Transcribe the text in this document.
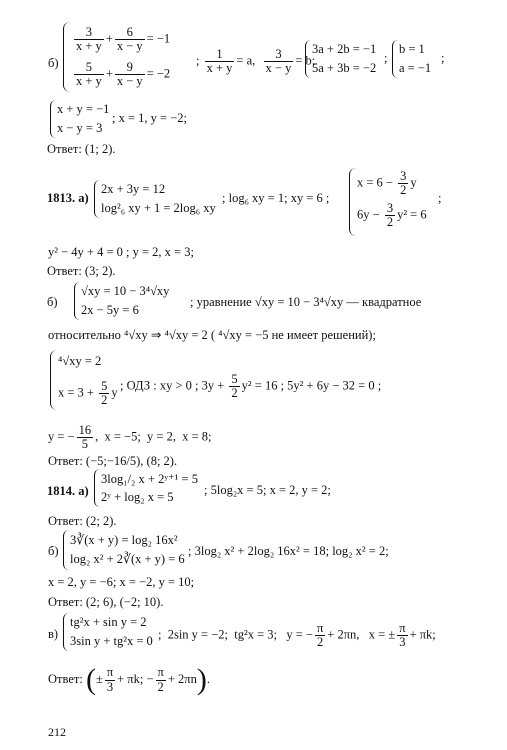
б)
$\frac{3}{x + y} + \frac{6}{x - y} = -1$
$\frac{5}{x + y} + \frac{9}{x - y} = -2$
; $\frac{1}{x + y} = a$, $\frac{3}{x - y} = b$;
3a + 2b = −1
5a + 3b = −2
;
b = 1
a = −1
;
x + y = −1
x − y = 3
; x = 1, y = −2;
Ответ: (1; 2).
1813. а)
2x + 3y = 12
log²₆ xy + 1 = 2log₆ xy
; log₆ xy = 1; xy = 6 ;
$x = 6 - \frac{3}{2}$ y
$6y - \frac{3}{2} y^2 = 6$
;
y² − 4y + 4 = 0 ; y = 2, x = 3;
Ответ: (3; 2).
б)
√xy = 10 − 3⁴√xy
2x − 5y = 6
; уравнение √xy = 10 − 3⁴√xy — квадратное
относительно ⁴√xy ⇒ ⁴√xy = 2 ( ⁴√xy = −5 не имеет решений);
⁴√xy = 2
$x = 3 + \frac{5}{2}$ y ; ОДЗ : xy > 0 ; $3y + \frac{5}{2} y^2 = 16$ ; 5y² + 6y − 32 = 0 ;
y = − $\frac{16}{5}$ ,  x = −5;  y = 2,  x = 8;
Ответ: (−5;−16/5), (8; 2).
1814. а)
3log₁/₂ x + 2ʸ⁺¹ = 5
2ʸ + log₂ x = 5 ; 5log₂x = 5; x = 2, y = 2;
Ответ: (2; 2).
б)
3∛(x + y) = log₂ 16x²
log₂ x² + 2∛(x + y) = 6
; 3log₂ x² + 2log₂ 16x² = 18; log₂ x² = 2;
x = 2, y = −6; x = −2, y = 10;
Ответ: (2; 6), (−2; 10).
в)
tg²x + sin y = 2
3sin y + tg²x = 0 ;  2sin y = −2;  tg²x = 3;   y = − $\frac{\pi}{2} + 2\pi n$,   x = ± $\frac{\pi}{3} + \pi k$;
Ответ: (± $\frac{\pi}{3} + \pi k$; − $\frac{\pi}{2} + 2\pi n$).
212
